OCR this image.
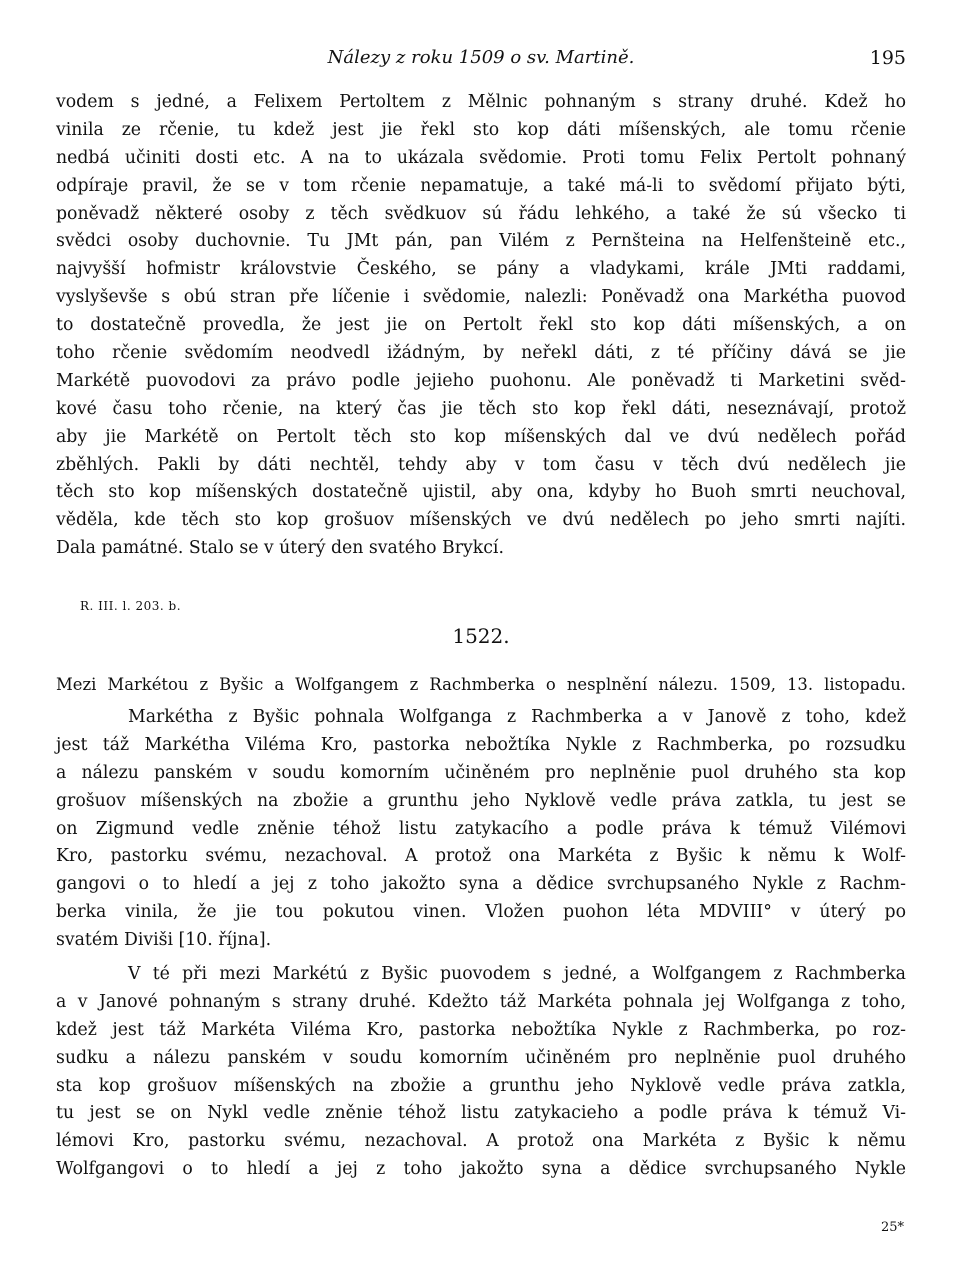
Nálezy z roku 1509 o sv. Martině.	195
vodem s jedné, a Felixem Pertoltem z Mělnic pohnaným s strany druhé. Kdež ho
vinila ze rčenie, tu kdež jest jie řekl sto kop dáti míšenských, ale tomu rčenie
nedbá učiniti dosti etc. A na to ukázala svědomie. Proti tomu Felix Pertolt pohnaný
odpíraje pravil, že se v tom rčenie nepamatuje, a také má-li to svědomí přijato býti,
poněvadž některé osoby z těch svědkuov sú řádu lehkého, a také že sú všecko ti
svědci osoby duchovnie. Tu JMt pán, pan Vilém z Pernšteina na Helfenšteině etc.,
najvyšší hofmistr královstvie Českého, se pány a vladykami, krále JMti raddami,
vyslyševše s obú stran pře líčenie i svědomie, nalezli: Poněvadž ona Markétha puovod
to dostatečně provedla, že jest jie on Pertolt řekl sto kop dáti míšenských, a on
toho rčenie svědomím neodvedl ižádným, by neřekl dáti, z té příčiny dává se jie
Markétě puovodovi za právo podle jejieho puohonu. Ale poněvadž ti Marketini svěd-
kové času toho rčenie, na který čas jie těch sto kop řekl dáti, neseznávají, protož
aby jie Markétě on Pertolt těch sto kop míšenských dal ve dvú nedělech pořád
zběhlých. Pakli by dáti nechtěl, tehdy aby v tom času v těch dvú nedělech jie
těch sto kop míšenských dostatečně ujistil, aby ona, kdyby ho Buoh smrti neuchoval,
věděla, kde těch sto kop grošuov míšenských ve dvú nedělech po jeho smrti najíti.
Dala památné. Stalo se v úterý den svatého Brykcí.
R. III. l. 203. b.
1522.
Mezi Markétou z Byšic a Wolfgangem z Rachmberka o nesplnění nálezu. 1509, 13. listopadu.
Markétha z Byšic pohnala Wolfganga z Rachmberka a v Janově z toho, kdež
jest táž Markétha Viléma Kro, pastorka nebožtíka Nykle z Rachmberka, po rozsudku
a nálezu panském v soudu komorním učiněném pro neplněnie puol druhého sta kop
grošuov míšenských na zbožie a grunthu jeho Nyklově vedle práva zatkla, tu jest se
on Zigmund vedle zněnie téhož listu zatykacího a podle práva k témuž Vilémovi
Kro, pastorku svému, nezachoval. A protož ona Markéta z Byšic k němu k Wolf-
gangovi o to hledí a jej z toho jakožto syna a dědice svrchupsaného Nykle z Rachm-
berka vinila, že jie tou pokutou vinen. Vložen puohon léta MDVIII° v úterý po
svatém Diviši [10. října].
V té při mezi Markétú z Byšic puovodem s jedné, a Wolfgangem z Rachmberka
a v Janové pohnaným s strany druhé. Kdežto táž Markéta pohnala jej Wolfganga z toho,
kdež jest táž Markéta Viléma Kro, pastorka nebožtíka Nykle z Rachmberka, po roz-
sudku a nálezu panském v soudu komorním učiněném pro neplněnie puol druhého
sta kop grošuov míšenských na zbožie a grunthu jeho Nyklově vedle práva zatkla,
tu jest se on Nykl vedle zněnie téhož listu zatykacieho a podle práva k témuž Vi-
lémovi Kro, pastorku svému, nezachoval. A protož ona Markéta z Byšic k němu
Wolfgangovi o to hledí a jej z toho jakožto syna a dědice svrchupsaného Nykle
25*
